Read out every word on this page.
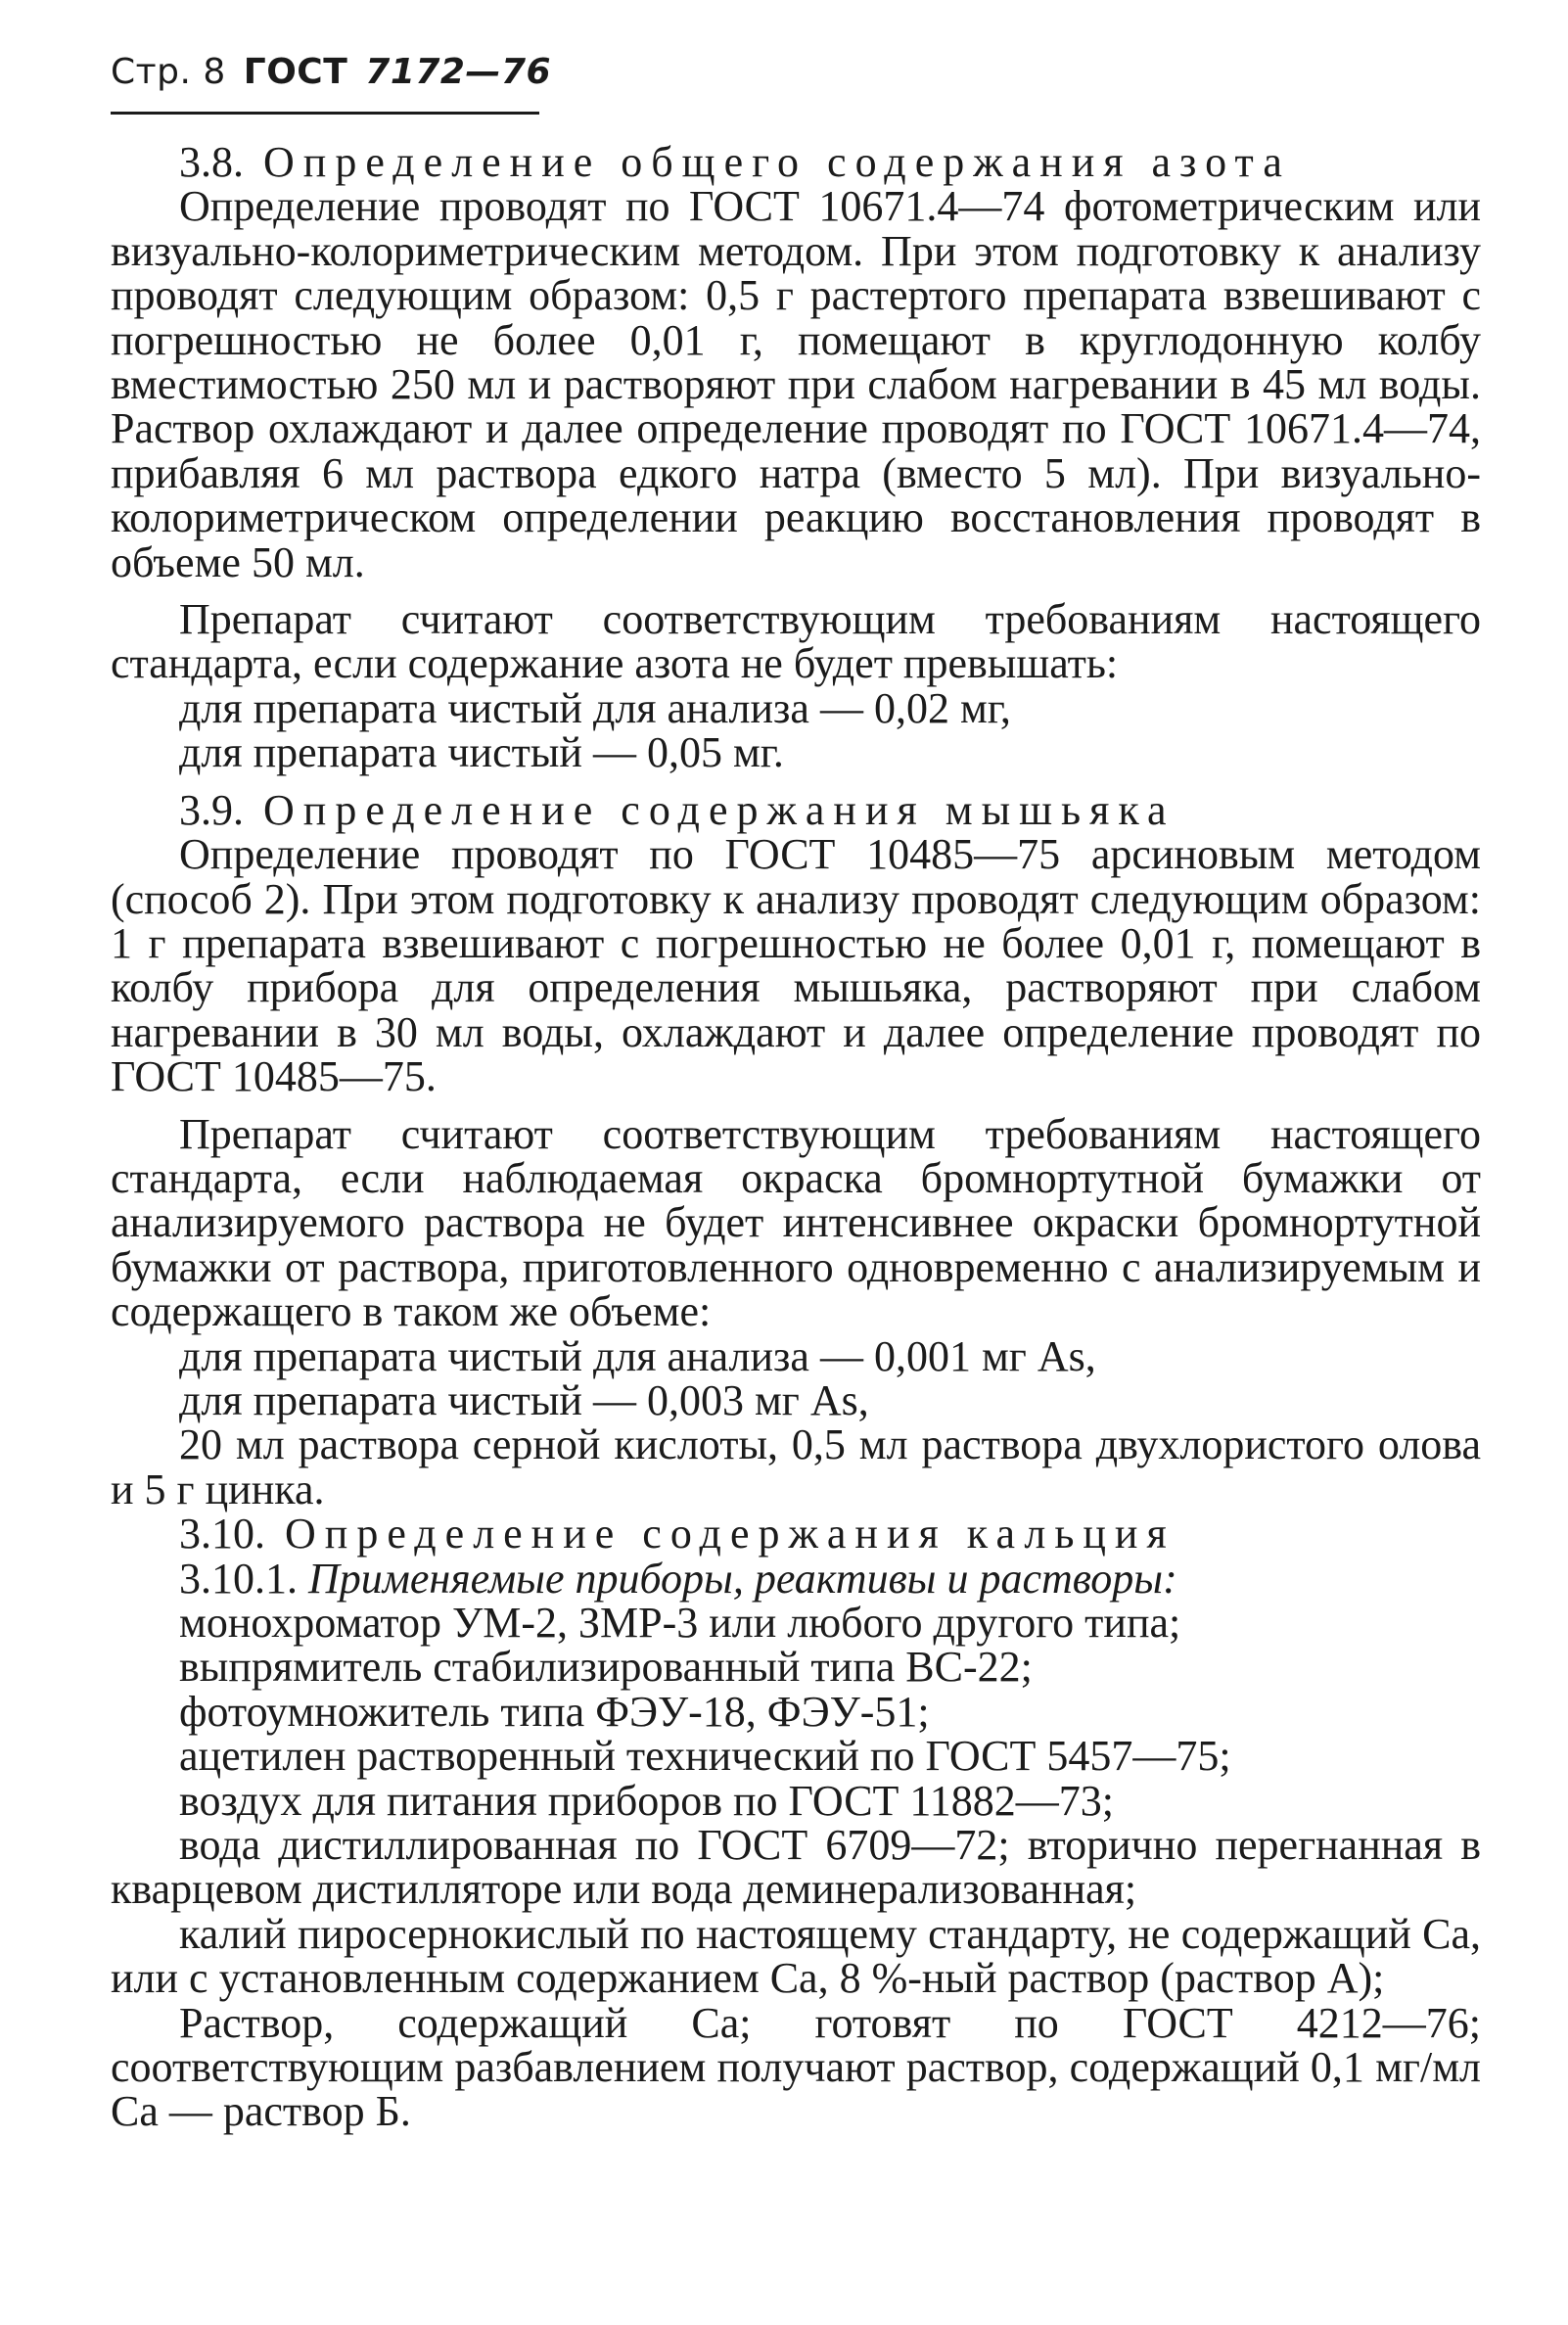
Стр. 8 ГОСТ 7172—76

3.8. Определение общего содержания азота

Определение проводят по ГОСТ 10671.4—74 фотометрическим или визуально-колориметрическим методом. При этом подготовку к анализу проводят следующим образом: 0,5 г растертого препарата взвешивают с погрешностью не более 0,01 г, помещают в круглодонную колбу вместимостью 250 мл и растворяют при слабом нагревании в 45 мл воды. Раствор охлаждают и далее определение проводят по ГОСТ 10671.4—74, прибавляя 6 мл раствора едкого натра (вместо 5 мл). При визуально-колориметрическом определении реакцию восстановления проводят в объеме 50 мл.

Препарат считают соответствующим требованиям настоящего стандарта, если содержание азота не будет превышать:

для препарата чистый для анализа — 0,02 мг,

для препарата чистый — 0,05 мг.

3.9. Определение содержания мышьяка

Определение проводят по ГОСТ 10485—75 арсиновым методом (способ 2). При этом подготовку к анализу проводят следующим образом: 1 г препарата взвешивают с погрешностью не более 0,01 г, помещают в колбу прибора для определения мышьяка, растворяют при слабом нагревании в 30 мл воды, охлаждают и далее определение проводят по ГОСТ 10485—75.

Препарат считают соответствующим требованиям настоящего стандарта, если наблюдаемая окраска бромнортутной бумажки от анализируемого раствора не будет интенсивнее окраски бромнортутной бумажки от раствора, приготовленного одновременно с анализируемым и содержащего в таком же объеме:

для препарата чистый для анализа — 0,001 мг As,

для препарата чистый — 0,003 мг As,

20 мл раствора серной кислоты, 0,5 мл раствора двухлористого олова и 5 г цинка.

3.10. Определение содержания кальция

3.10.1. Применяемые приборы, реактивы и растворы:

монохроматор УМ-2, ЗМР-3 или любого другого типа;

выпрямитель стабилизированный типа ВС-22;

фотоумножитель типа ФЭУ-18, ФЭУ-51;

ацетилен растворенный технический по ГОСТ 5457—75;

воздух для питания приборов по ГОСТ 11882—73;

вода дистиллированная по ГОСТ 6709—72; вторично перегнанная в кварцевом дистилляторе или вода деминерализованная;

калий пиросернокислый по настоящему стандарту, не содержащий Са, или с установленным содержанием Са, 8 %-ный раствор (раствор А);

Раствор, содержащий Са; готовят по ГОСТ 4212—76; соответствующим разбавлением получают раствор, содержащий 0,1 мг/мл Са — раствор Б.
